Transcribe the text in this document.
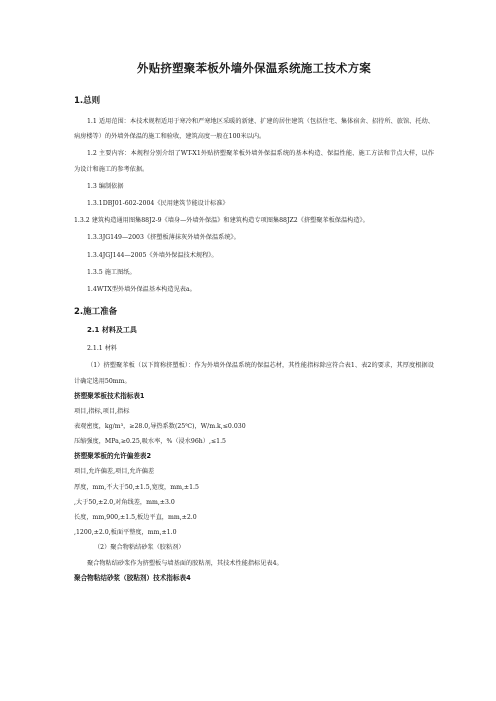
外贴挤塑聚苯板外墙外保温系统施工技术方案
1.总则

1.1 适用范围：本技术规程适用于寒冷和严寒地区采暖的新建、扩建的居住建筑（包括住宅、集体宿舍、招待所、旅馆、托幼、病房楼等）的外墙外保温的施工和验收，建筑高度一般在100米以内。

1.2 主要内容：本规程分别介绍了WT-X1外贴挤塑聚苯板外墙外保温系统的基本构造、保温性能、施工方法和节点大样，以作为设计和施工的参考依据。

1.3 编制依据

1.3.1DBJ01-602-2004《民用建筑节能设计标准》

1.3.2 建筑构造通用图集88J2-9《墙身—外墙外保温》和建筑构造专项图集88JZ2《挤塑聚苯板保温构造》。

1.3.3JG149—2003《挤塑板薄抹灰外墙外保温系统》。

1.3.4JGJ144—2005《外墙外保温技术规程》。

1.3.5 施工图纸。

1.4WTX型外墙外保温基本构造见表a。

2.施工准备
2.1 材料及工具

2.1.1 材料

（1）挤塑聚苯板（以下简称挤塑板）：作为外墙外保温系统的保温芯材，其性能指标除应符合表1、表2的要求，其厚度根据设计确定选用50mm。

挤塑聚苯板技术指标表1

项目,指标,项目,指标

表观密度，kg/m³，≥28.0,导热系数(25℃)，W/m.k,≤0.030

压缩强度，MPa,≥0.25,吸水率，%（浸水96h）,≤1.5

挤塑聚苯板的允许偏差表2

项目,允许偏差,项目,允许偏差

厚度，mm,不大于50,±1.5,宽度，mm,±1.5

,大于50,±2.0,对角线差，mm,±3.0

长度，mm,900,±1.5,板边平直，mm,±2.0

,1200,±2.0,板面平整度，mm,±1.0

（2）聚合物粘结砂浆（胶粘剂）

聚合物粘结砂浆作为挤塑板与墙基面的胶粘剂，其技术性能指标见表4。

聚合物粘结砂浆（胶粘剂）技术指标表4
